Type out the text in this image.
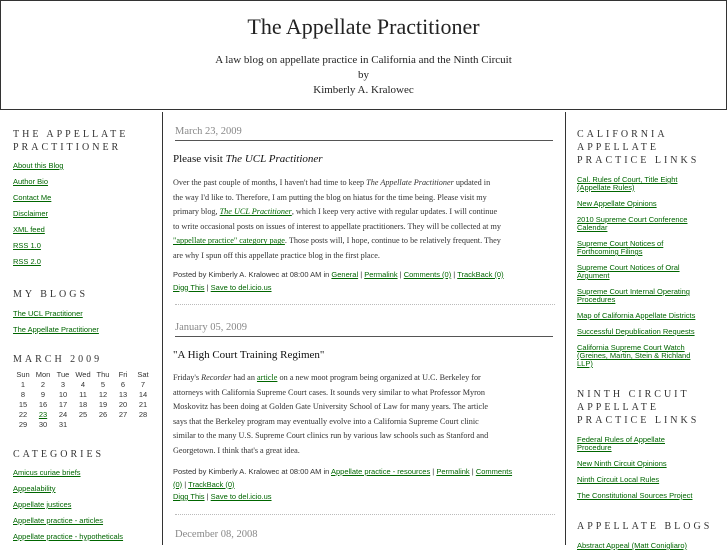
The Appellate Practitioner
A law blog on appellate practice in California and the Ninth Circuit
by
Kimberly A. Kralowec
THE APPELLATE PRACTITIONER
About this Blog
Author Bio
Contact Me
Disclaimer
XML feed
RSS 1.0
RSS 2.0
MY BLOGS
The UCL Practitioner
The Appellate Practitioner
MARCH 2009
Sun	Mon	Tue	Wed	Thu	Fri	Sat
1	2	3	4	5	6	7
8	9	10	11	12	13	14
15	16	17	18	19	20	21
22	23	24	25	26	27	28
29	30	31				
CATEGORIES
Amicus curiae briefs
Appealability
Appellate justices
Appellate practice - articles
Appellate practice - hypotheticals
March 23, 2009
Please visit The UCL Practitioner
Over the past couple of months, I haven't had time to keep The Appellate Practitioner updated in
the way I'd like to. Therefore, I am putting the blog on hiatus for the time being. Please visit my
primary blog, The UCL Practitioner, which I keep very active with regular updates. I will continue
to write occasional posts on issues of interest to appellate practitioners. They will be collected at my
"appellate practice" category page. Those posts will, I hope, continue to be relatively frequent. They
are why I spun off this appellate practice blog in the first place.
Posted by Kimberly A. Kralowec at 08:00 AM in General | Permalink | Comments (0) | TrackBack (0)
Digg This | Save to del.icio.us
January 05, 2009
"A High Court Training Regimen"
Friday's Recorder had an article on a new moot program being organized at U.C. Berkeley for
attorneys with California Supreme Court cases. It sounds very similar to what Professor Myron
Moskovitz has been doing at Golden Gate University School of Law for many years. The article
says that the Berkeley program may eventually evolve into a California Supreme Court clinic
similar to the many U.S. Supreme Court clinics run by various law schools such as Stanford and
Georgetown. I think that's a great idea.
Posted by Kimberly A. Kralowec at 08:00 AM in Appellate practice - resources | Permalink | Comments
(0) | TrackBack (0)
Digg This | Save to del.icio.us
December 08, 2008
CALIFORNIA APPELLATE PRACTICE LINKS
Cal. Rules of Court, Title Eight
(Appellate Rules)
New Appellate Opinions
2010 Supreme Court Conference
Calendar
Supreme Court Notices of
Forthcoming Filings
Supreme Court Notices of Oral
Argument
Supreme Court Internal Operating
Procedures
Map of California Appellate Districts
Successful Depublication Requests
California Supreme Court Watch
(Greines, Martin, Stein & Richland
LLP)
NINTH CIRCUIT APPELLATE PRACTICE LINKS
Federal Rules of Appellate
Procedure
New Ninth Circuit Opinions
Ninth Circuit Local Rules
The Constitutional Sources Project
APPELLATE BLOGS
Abstract Appeal (Matt Conigliaro)
